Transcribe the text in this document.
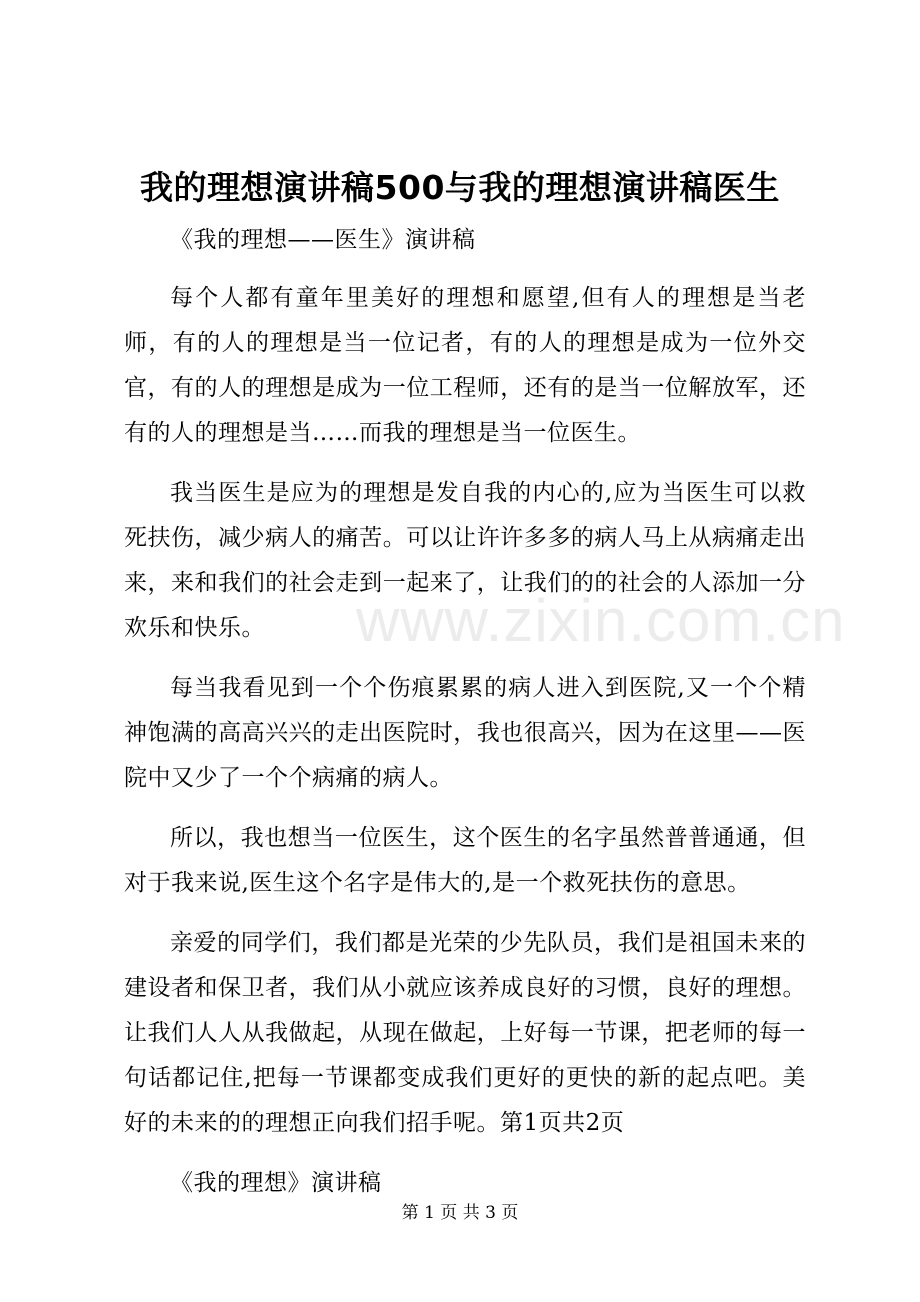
我的理想演讲稿500与我的理想演讲稿医生

《我的理想——医生》演讲稿

每个人都有童年里美好的理想和愿望,但有人的理想是当老师，有的人的理想是当一位记者，有的人的理想是成为一位外交官，有的人的理想是成为一位工程师，还有的是当一位解放军，还有的人的理想是当……而我的理想是当一位医生。

我当医生是应为的理想是发自我的内心的,应为当医生可以救死扶伤，减少病人的痛苦。可以让许许多多的病人马上从病痛走出来，来和我们的社会走到一起来了，让我们的的社会的人添加一分欢乐和快乐。

每当我看见到一个个伤痕累累的病人进入到医院,又一个个精神饱满的高高兴兴的走出医院时，我也很高兴，因为在这里——医院中又少了一个个病痛的病人。

所以，我也想当一位医生，这个医生的名字虽然普普通通，但对于我来说,医生这个名字是伟大的,是一个救死扶伤的意思。

亲爱的同学们，我们都是光荣的少先队员，我们是祖国未来的建设者和保卫者，我们从小就应该养成良好的习惯，良好的理想。让我们人人从我做起，从现在做起，上好每一节课，把老师的每一句话都记住,把每一节课都变成我们更好的更快的新的起点吧。美好的未来的的理想正向我们招手呢。第1页共2页

《我的理想》演讲稿

www.zixin.com.cn
第 1 页 共 3 页
